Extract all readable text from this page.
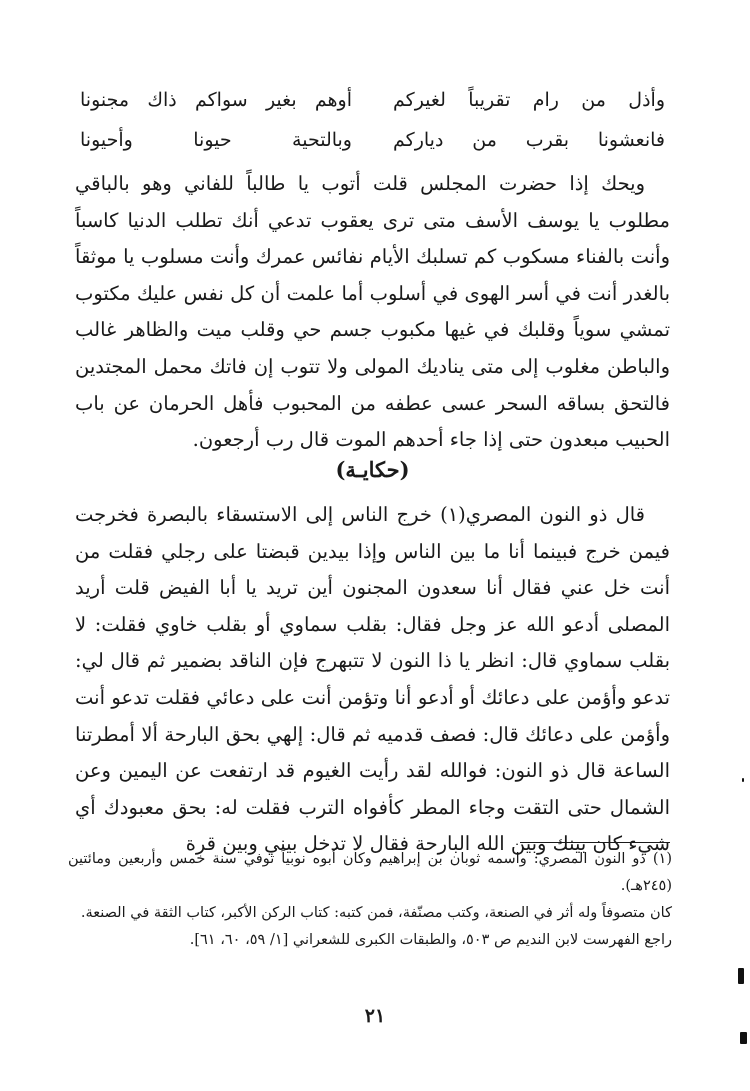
وأذل من رام تقريباً لغيركم
أوهم بغير سواكم ذاك مجنونا
فانعشونا بقرب من دياركم
وبالتحية حيونا وأحيونا

ويحك إذا حضرت المجلس قلت أتوب يا طالباً للفاني وهو بالباقي مطلوب يا يوسف الأسف متى ترى يعقوب تدعي أنك تطلب الدنيا كاسباً وأنت بالفناء مسكوب كم تسلبك الأيام نفائس عمرك وأنت مسلوب يا موثقاً بالغدر أنت في أسر الهوى في أسلوب أما علمت أن كل نفس عليك مكتوب تمشي سوياً وقلبك في غيها مكبوب جسم حي وقلب ميت والظاهر غالب والباطن مغلوب إلى متى يناديك المولى ولا تتوب إن فاتك محمل المجتدين فالتحق بساقه السحر عسى عطفه من المحبوب فأهل الحرمان عن باب الحبيب مبعدون حتى إذا جاء أحدهم الموت قال رب أرجعون.

(حكايـة)

قال ذو النون المصري(١) خرج الناس إلى الاستسقاء بالبصرة فخرجت فيمن خرج فبينما أنا ما بين الناس وإذا بيدين قبضتا على رجلي فقلت من أنت خل عني فقال أنا سعدون المجنون أين تريد يا أبا الفيض قلت أريد المصلى أدعو الله عز وجل فقال: بقلب سماوي أو بقلب خاوي فقلت: لا بقلب سماوي قال: انظر يا ذا النون لا تتبهرج فإن الناقد بضمير ثم قال لي: تدعو وأؤمن على دعائك أو أدعو أنا وتؤمن أنت على دعائي فقلت تدعو أنت وأؤمن على دعائك قال: فصف قدميه ثم قال: إلهي بحق البارحة ألا أمطرتنا الساعة قال ذو النون: فوالله لقد رأيت الغيوم قد ارتفعت عن اليمين وعن الشمال حتى التقت وجاء المطر كأفواه الترب فقلت له: بحق معبودك أي شيء كان بينك وبين الله البارحة فقال لا تدخل بيني وبين قرة

(١) ذو النون المصري: واسمه ثوبان بن إبراهيم وكان أبوه نوبياً توفي سنة خمس وأربعين ومائتين (٢٤٥هـ).

كان متصوفاً وله أثر في الصنعة، وكتب مصنّفة، فمن كتبه: كتاب الركن الأكبر، كتاب الثقة في الصنعة.

راجع الفهرست لابن النديم ص ٥٠٣، والطبقات الكبرى للشعراني [١/ ٥٩، ٦٠، ٦١].

٢١
